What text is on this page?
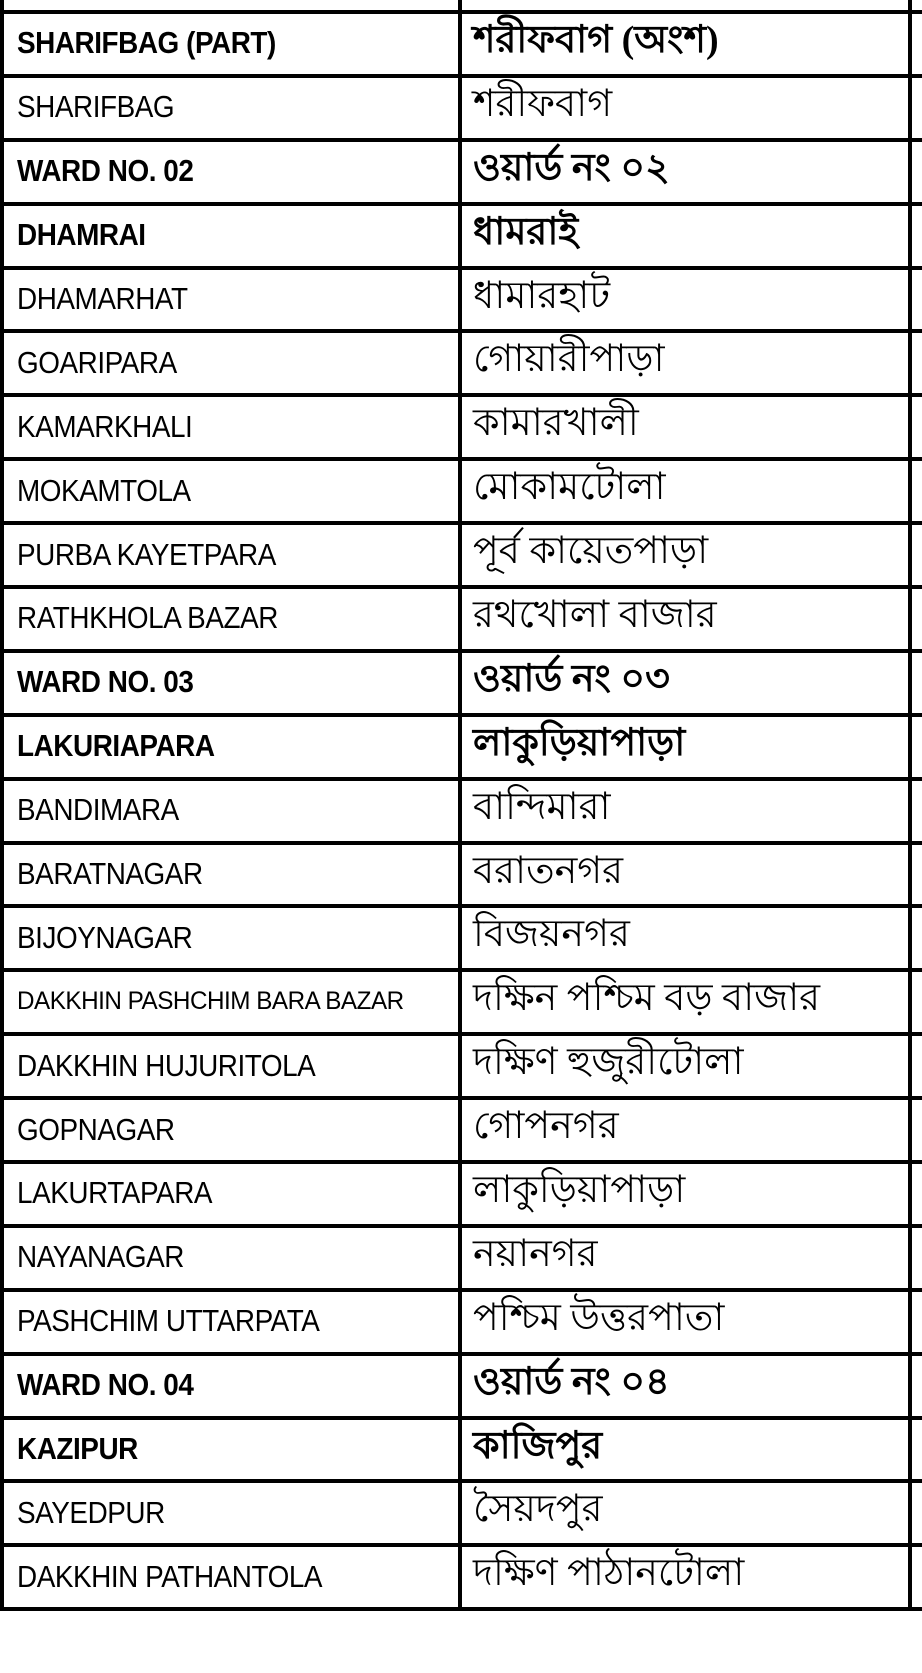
SHARIFBAG (PART)	শরীফবাগ (অংশ)
SHARIFBAG	শরীফবাগ
WARD NO. 02	ওয়ার্ড নং ০২
DHAMRAI	ধামরাই
DHAMARHAT	ধামারহাট
GOARIPARA	গোয়ারীপাড়া
KAMARKHALI	কামারখালী
MOKAMTOLA	মোকামটোলা
PURBA KAYETPARA	পূর্ব কায়েতপাড়া
RATHKHOLA BAZAR	রথখোলা বাজার
WARD NO. 03	ওয়ার্ড নং ০৩
LAKURIAPARA	লাকুড়িয়াপাড়া
BANDIMARA	বান্দিমারা
BARATNAGAR	বরাতনগর
BIJOYNAGAR	বিজয়নগর
DAKKHIN PASHCHIM BARA BAZAR দক্ষিন পশ্চিম বড় বাজার
DAKKHIN HUJURITOLA	দক্ষিণ হুজুরীটোলা
GOPNAGAR	গোপনগর
LAKURTAPARA	লাকুড়িয়াপাড়া
NAYANAGAR	নয়ানগর
PASHCHIM UTTARPATA	পশ্চিম উত্তরপাতা
WARD NO. 04	ওয়ার্ড নং ০৪
KAZIPUR	কাজিপুর
SAYEDPUR	সৈয়দপুর
DAKKHIN PATHANTOLA	দক্ষিণ পাঠানটোলা
